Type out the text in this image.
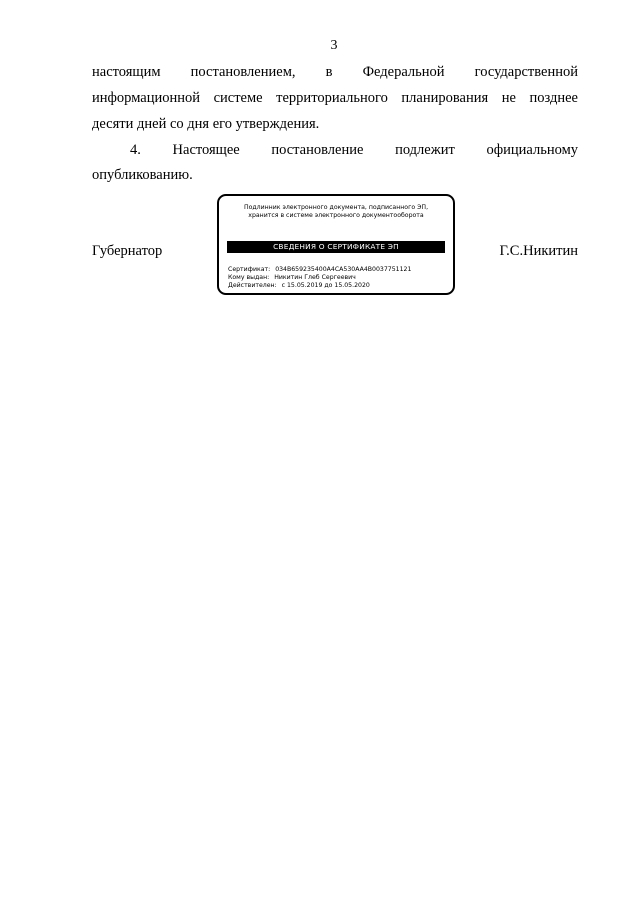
3
настоящим постановлением, в Федеральной государственной
информационной системе территориального планирования не позднее
десяти дней со дня его утверждения.
4. Настоящее постановление подлежит официальному
опубликованию.
Губернатор
Подлинник электронного документа, подписанного ЭП,
хранится в системе электронного документооборота
СВЕДЕНИЯ О СЕРТИФИКАТЕ ЭП
Сертификат: 034B659235400A4CA530AA4B0037751121
Кому выдан: Никитин Глеб Сергеевич
Действителен: с 15.05.2019 до 15.05.2020
Г.С.Никитин
